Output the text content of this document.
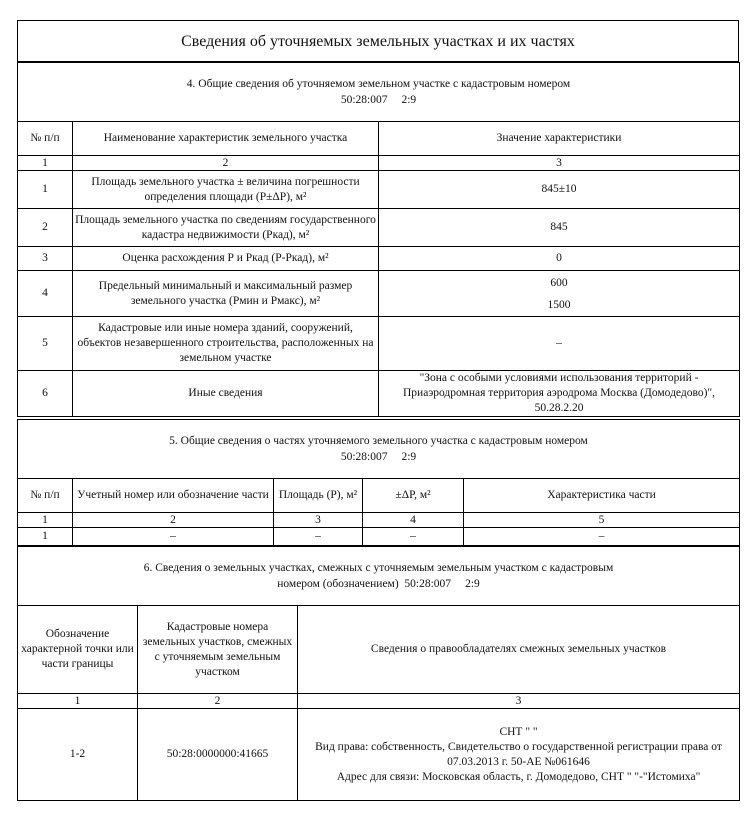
Сведения об уточняемых земельных участках и их частях
4. Общие сведения об уточняемом земельном участке с кадастровым номером
50:28:007 2:9		

№ п/п	Наименование характеристик земельного участка	Значение характеристики
1	2	3
1	Площадь земельного участка ± величина погрешности определения площади (Р±ΔР), м²	845±10
2	Площадь земельного участка по сведениям государственного кадастра недвижимости (Ркад), м²	845
3	Оценка расхождения Р и Ркад (Р-Ркад), м²	0
4	Предельный минимальный и максимальный размер земельного участка (Рмин и Рмакс), м²	600
1500

5	Кадастровые или иные номера зданий, сооружений, объектов незавершенного строительства, расположенных на земельном участке	–
6	Иные сведения	"Зона с особыми условиями использования территорий - Приаэродромная территория аэродрома Москва (Домодедово)", 50.28.2.20
5. Общие сведения о частях уточняемого земельного участка с кадастровым номером
50:28:007 2:9				

№ п/п	Учетный номер или обозначение части	Площадь (Р), м²	±ΔР, м²	Характеристика части
1	2	3	4	5
1	–	–	–	–
6. Сведения о земельных участках, смежных с уточняемым земельным участком с кадастровым
номером (обозначением) 50:28:007 2:9		

Обозначение характерной точки или части границы	Кадастровые номера земельных участков, смежных с уточняемым земельным участком	Сведения о правообладателях смежных земельных участков
1	2	3
1-2	50:28:0000000:41665	СНТ " "
Вид права: собственность, Свидетельство о государственной регистрации права от 07.03.2013 г. 50-АЕ №061646
Адрес для связи: Московская область, г. Домодедово, СНТ " "-"Истомиха"
